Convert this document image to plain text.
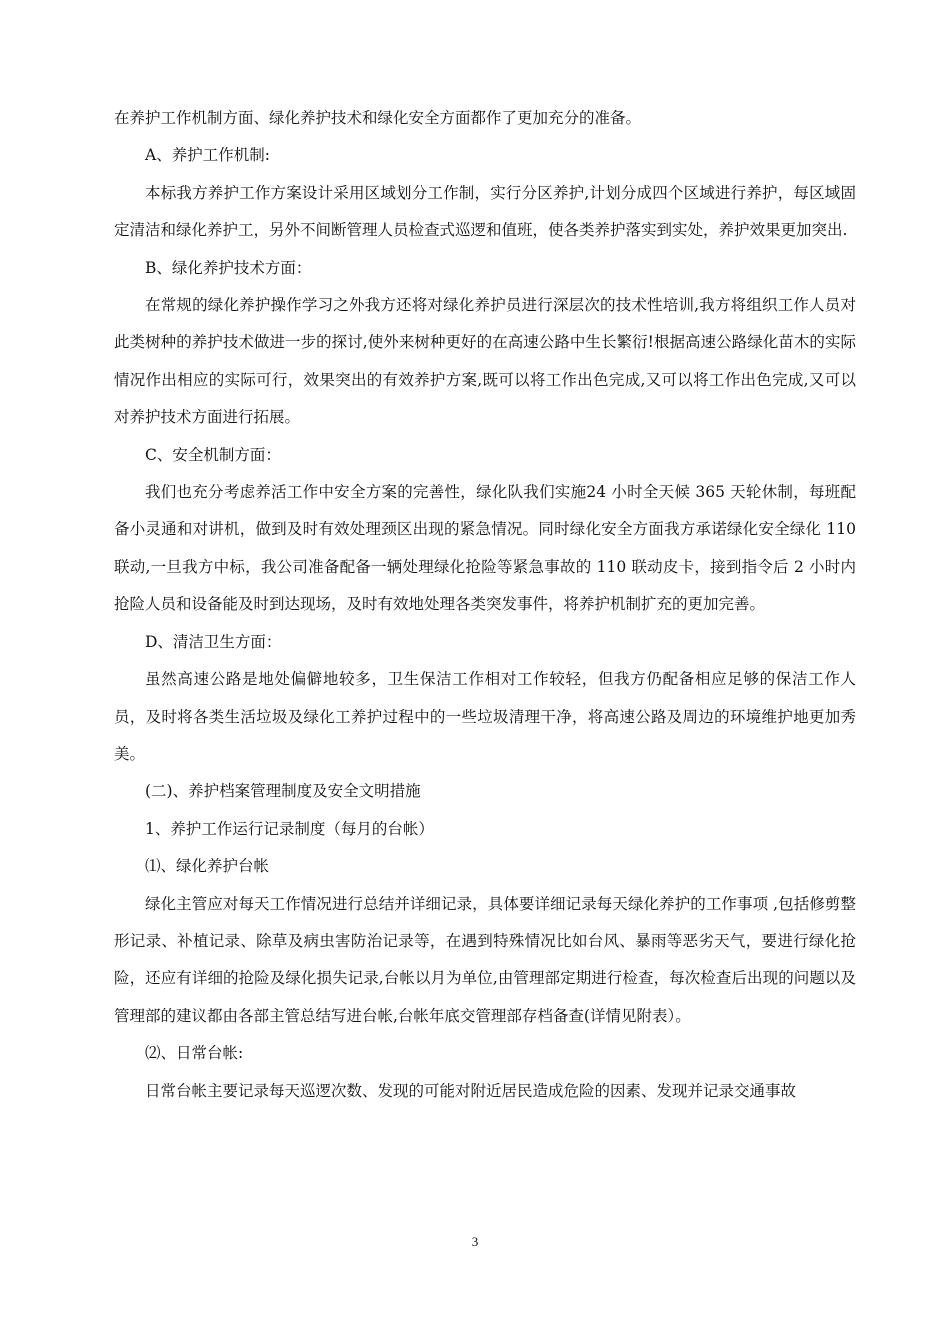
在养护工作机制方面、绿化养护技术和绿化安全方面都作了更加充分的准备。

A、养护工作机制:

本标我方养护工作方案设计采用区域划分工作制，实行分区养护,计划分成四个区域进行养护，每区域固定清洁和绿化养护工，另外不间断管理人员检查式巡逻和值班，使各类养护落实到实处，养护效果更加突出.

B、绿化养护技术方面：

在常规的绿化养护操作学习之外我方还将对绿化养护员进行深层次的技术性培训,我方将组织工作人员对此类树种的养护技术做进一步的探讨,使外来树种更好的在高速公路中生长繁衍!根据高速公路绿化苗木的实际情况作出相应的实际可行，效果突出的有效养护方案,既可以将工作出色完成,又可以将工作出色完成,又可以对养护技术方面进行拓展。

C、安全机制方面：

我们也充分考虑养活工作中安全方案的完善性，绿化队我们实施24 小时全天候 365 天轮休制，每班配备小灵通和对讲机，做到及时有效处理颈区出现的紧急情况。同时绿化安全方面我方承诺绿化安全绿化 110 联动,一旦我方中标，我公司准备配备一辆处理绿化抢险等紧急事故的 110 联动皮卡，接到指令后 2 小时内抢险人员和设备能及时到达现场，及时有效地处理各类突发事件，将养护机制扩充的更加完善。

D、清洁卫生方面：

虽然高速公路是地处偏僻地较多，卫生保洁工作相对工作较轻，但我方仍配备相应足够的保洁工作人员，及时将各类生活垃圾及绿化工养护过程中的一些垃圾清理干净，将高速公路及周边的环境维护地更加秀美。

(二)、养护档案管理制度及安全文明措施

1、养护工作运行记录制度（每月的台帐）

⑴、绿化养护台帐

绿化主管应对每天工作情况进行总结并详细记录，具体要详细记录每天绿化养护的工作事项 ,包括修剪整形记录、补植记录、除草及病虫害防治记录等，在遇到特殊情况比如台风、暴雨等恶劣天气，要进行绿化抢险，还应有详细的抢险及绿化损失记录,台帐以月为单位,由管理部定期进行检查，每次检查后出现的问题以及管理部的建议都由各部主管总结写进台帐,台帐年底交管理部存档备查(详情见附表）。

⑵、日常台帐:

日常台帐主要记录每天巡逻次数、发现的可能对附近居民造成危险的因素、发现并记录交通事故

3
